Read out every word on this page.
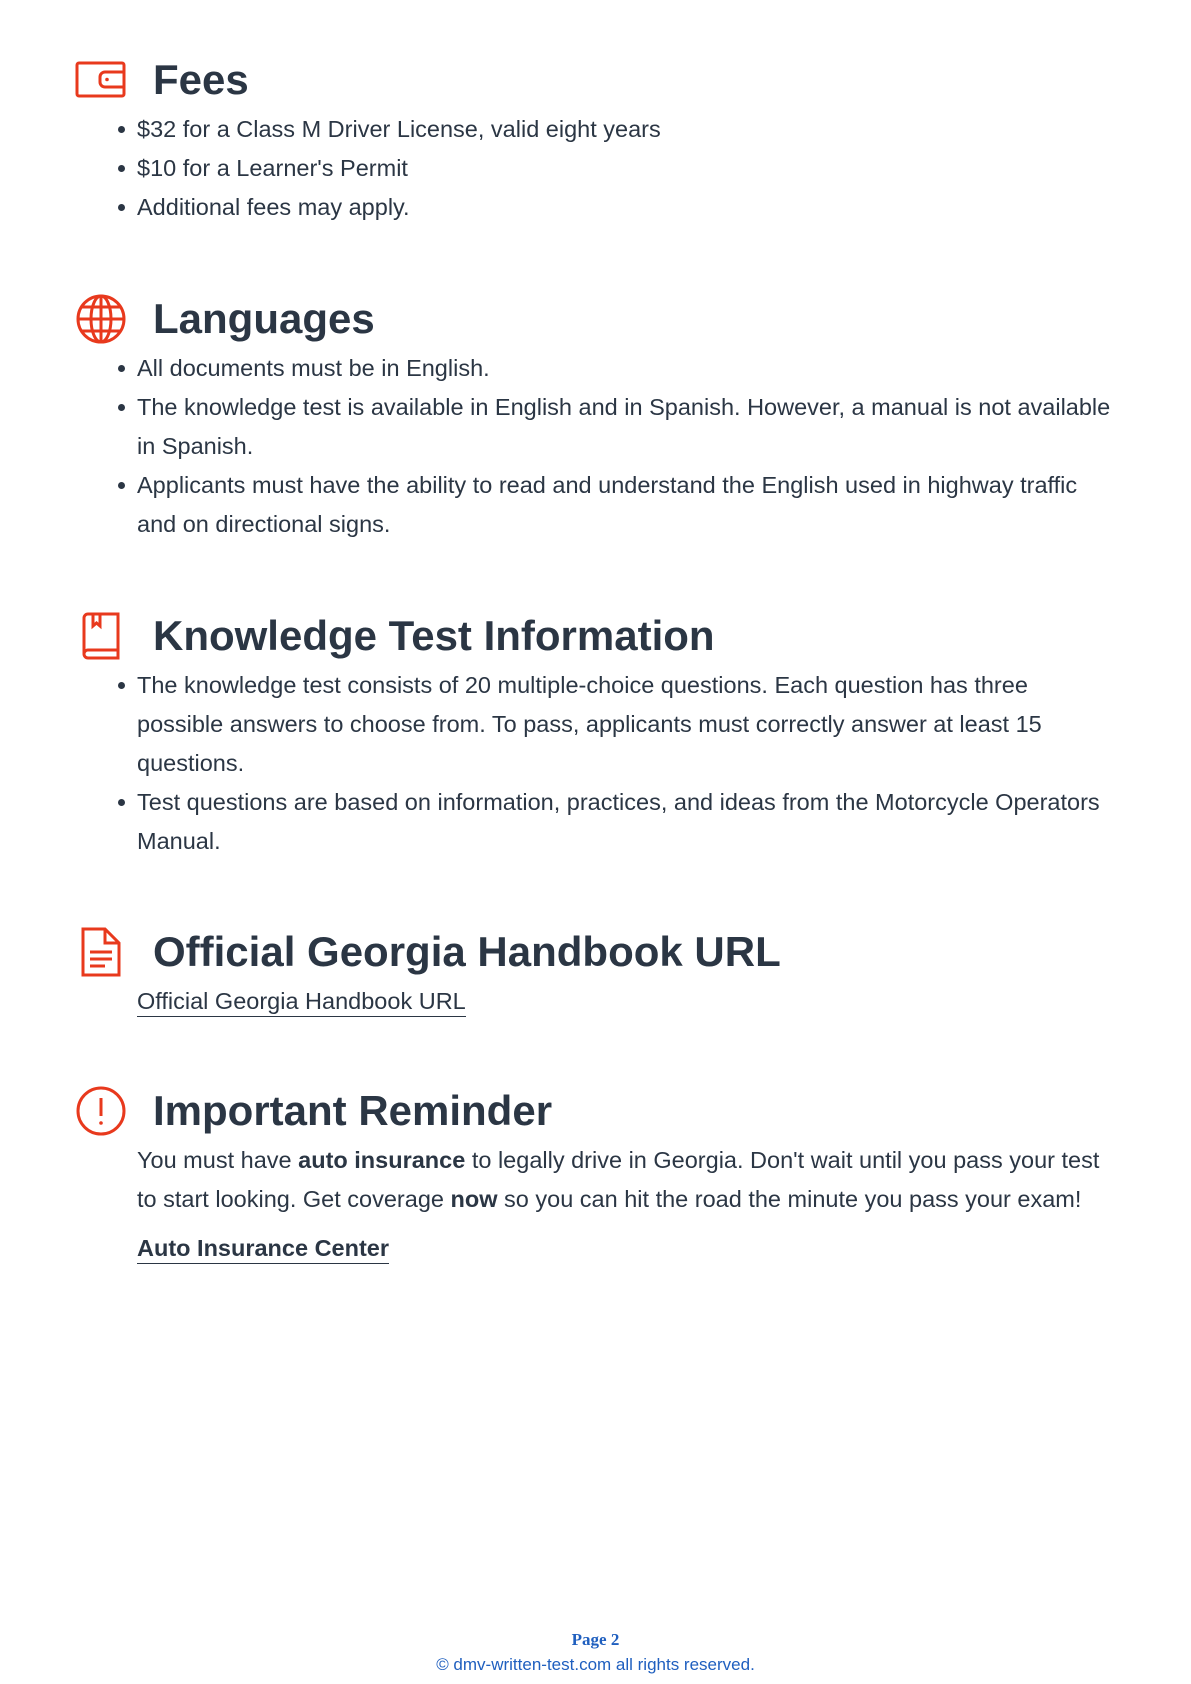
Fees
$32 for a Class M Driver License, valid eight years
$10 for a Learner's Permit
Additional fees may apply.
Languages
All documents must be in English.
The knowledge test is available in English and in Spanish. However, a manual is not available in Spanish.
Applicants must have the ability to read and understand the English used in highway traffic and on directional signs.
Knowledge Test Information
The knowledge test consists of 20 multiple-choice questions. Each question has three possible answers to choose from. To pass, applicants must correctly answer at least 15 questions.
Test questions are based on information, practices, and ideas from the Motorcycle Operators Manual.
Official Georgia Handbook URL
Official Georgia Handbook URL
Important Reminder

You must have auto insurance to legally drive in Georgia. Don't wait until you pass your test to start looking. Get coverage now so you can hit the road the minute you pass your exam!

Auto Insurance Center
Page 2
© dmv-written-test.com all rights reserved.
